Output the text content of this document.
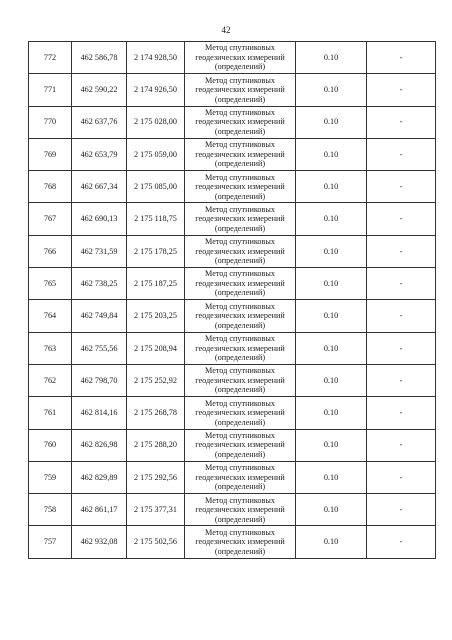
42
772	462 586,78	2 174 928,50	Метод спутниковых
геодезических измерений
(определений)	0.10	-
771	462 590,22	2 174 926,50	Метод спутниковых
геодезических измерений
(определений)	0.10	-
770	462 637,76	2 175 028,00	Метод спутниковых
геодезических измерений
(определений)	0.10	-
769	462 653,79	2 175 059,00	Метод спутниковых
геодезических измерений
(определений)	0.10	-
768	462 667,34	2 175 085,00	Метод спутниковых
геодезических измерений
(определений)	0.10	-
767	462 690,13	2 175 118,75	Метод спутниковых
геодезических измерений
(определений)	0.10	-
766	462 731,59	2 175 178,25	Метод спутниковых
геодезических измерений
(определений)	0.10	-
765	462 738,25	2 175 187,25	Метод спутниковых
геодезических измерений
(определений)	0.10	-
764	462 749,84	2 175 203,25	Метод спутниковых
геодезических измерений
(определений)	0.10	-
763	462 755,56	2 175 208,94	Метод спутниковых
геодезических измерений
(определений)	0.10	-
762	462 798,70	2 175 252,92	Метод спутниковых
геодезических измерений
(определений)	0.10	-
761	462 814,16	2 175 268,78	Метод спутниковых
геодезических измерений
(определений)	0.10	-
760	462 826,98	2 175 288,20	Метод спутниковых
геодезических измерений
(определений)	0.10	-
759	462 829,89	2 175 292,56	Метод спутниковых
геодезических измерений
(определений)	0.10	-
758	462 861,17	2 175 377,31	Метод спутниковых
геодезических измерений
(определений)	0.10	-
757	462 932,08	2 175 502,56	Метод спутниковых
геодезических измерений
(определений)	0.10	-
